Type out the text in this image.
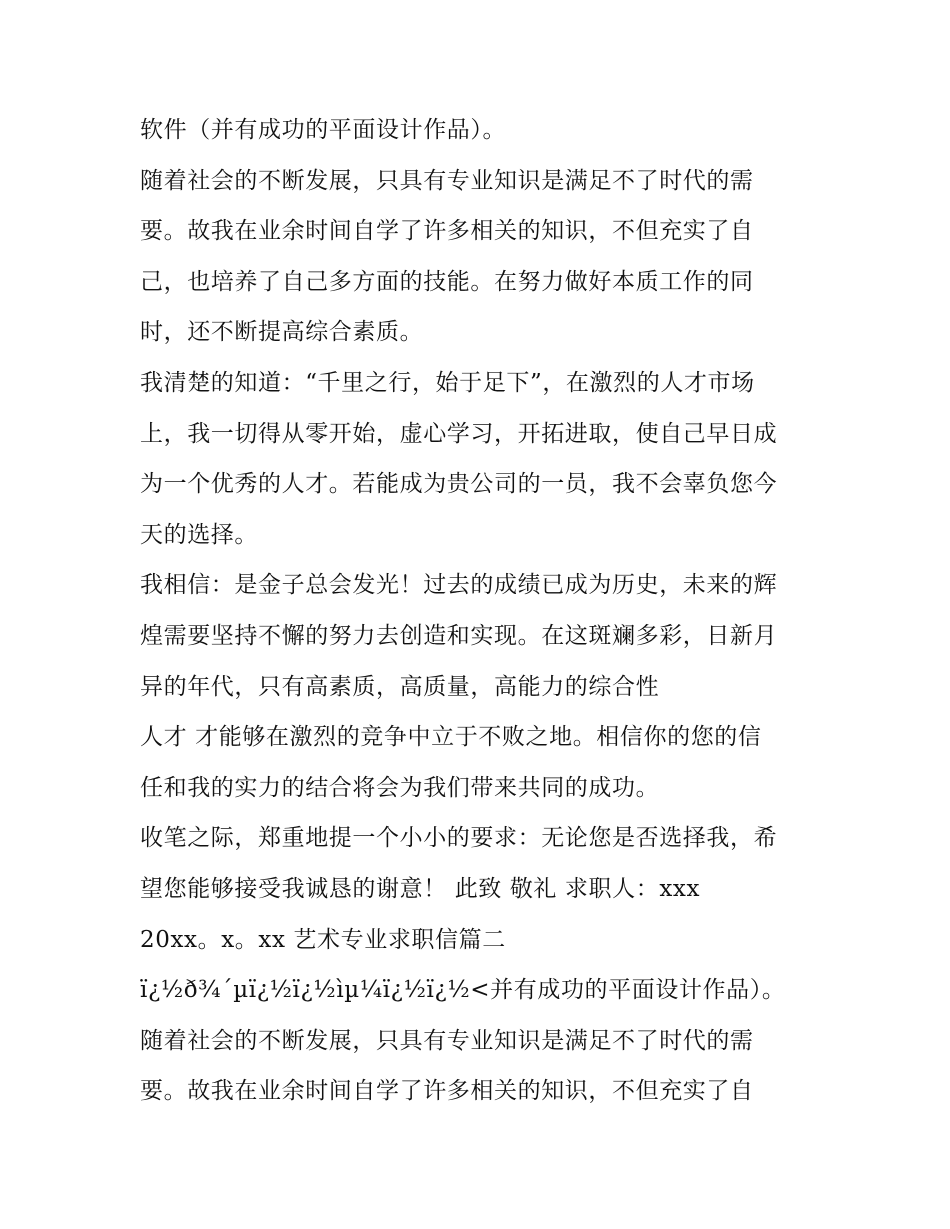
软件（并有成功的平面设计作品）。

随着社会的不断发展，只具有专业知识是满足不了时代的需

要。故我在业余时间自学了许多相关的知识，不但充实了自

己，也培养了自己多方面的技能。在努力做好本质工作的同

时，还不断提高综合素质。

我清楚的知道：“千里之行，始于足下”，在激烈的人才市场

上，我一切得从零开始，虚心学习，开拓进取，使自己早日成

为一个优秀的人才。若能成为贵公司的一员，我不会辜负您今

天的选择。

我相信：是金子总会发光！过去的成绩已成为历史，未来的辉

煌需要坚持不懈的努力去创造和实现。在这斑斓多彩，日新月

异的年代，只有高素质，高质量，高能力的综合性

人才 才能够在激烈的竞争中立于不败之地。相信你的您的信

任和我的实力的结合将会为我们带来共同的成功。

收笔之际，郑重地提一个小小的要求：无论您是否选择我，希

望您能够接受我诚恳的谢意！ 此致 敬礼 求职人：xxx

20xx。x。xx 艺术专业求职信篇二

ï¿½ð¾´µï¿½ï¿½ìµ¼ï¿½ï¿½<并有成功的平面设计作品）。

随着社会的不断发展，只具有专业知识是满足不了时代的需

要。故我在业余时间自学了许多相关的知识，不但充实了自
